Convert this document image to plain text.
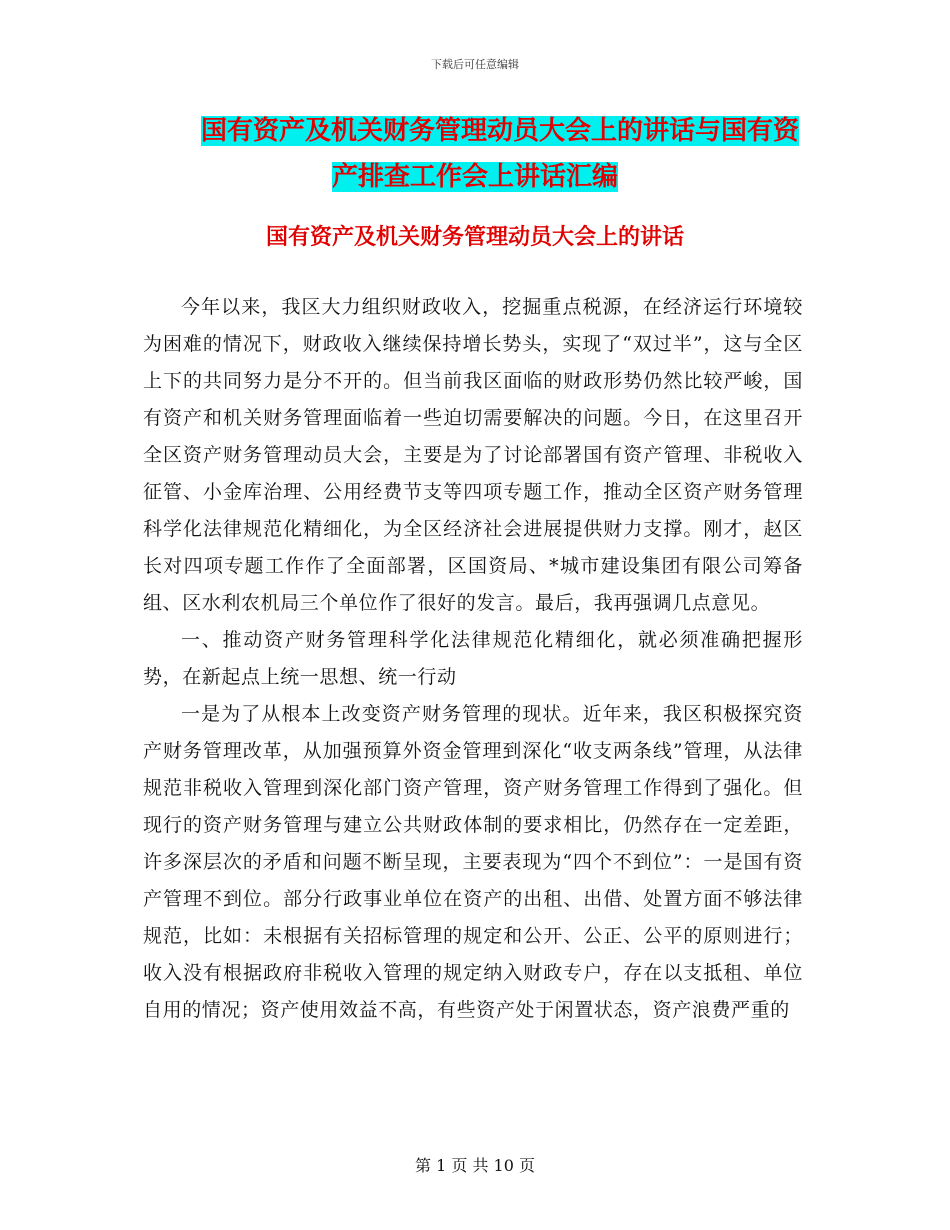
下载后可任意编辑
国有资产及机关财务管理动员大会上的讲话与国有资
产排查工作会上讲话汇编
国有资产及机关财务管理动员大会上的讲话

今年以来，我区大力组织财政收入，挖掘重点税源，在经济运行环境较为困难的情况下，财政收入继续保持增长势头，实现了“双过半”，这与全区上下的共同努力是分不开的。但当前我区面临的财政形势仍然比较严峻，国有资产和机关财务管理面临着一些迫切需要解决的问题。今日，在这里召开全区资产财务管理动员大会，主要是为了讨论部署国有资产管理、非税收入征管、小金库治理、公用经费节支等四项专题工作，推动全区资产财务管理科学化法律规范化精细化，为全区经济社会进展提供财力支撑。刚才，赵区长对四项专题工作作了全面部署，区国资局、*城市建设集团有限公司筹备组、区水利农机局三个单位作了很好的发言。最后，我再强调几点意见。

一、推动资产财务管理科学化法律规范化精细化，就必须准确把握形势，在新起点上统一思想、统一行动

一是为了从根本上改变资产财务管理的现状。近年来，我区积极探究资产财务管理改革，从加强预算外资金管理到深化“收支两条线”管理，从法律规范非税收入管理到深化部门资产管理，资产财务管理工作得到了强化。但现行的资产财务管理与建立公共财政体制的要求相比，仍然存在一定差距，许多深层次的矛盾和问题不断呈现，主要表现为“四个不到位”：一是国有资产管理不到位。部分行政事业单位在资产的出租、出借、处置方面不够法律规范，比如：未根据有关招标管理的规定和公开、公正、公平的原则进行；收入没有根据政府非税收入管理的规定纳入财政专户，存在以支抵租、单位自用的情况；资产使用效益不高，有些资产处于闲置状态，资产浪费严重的

第 1 页 共 10 页
